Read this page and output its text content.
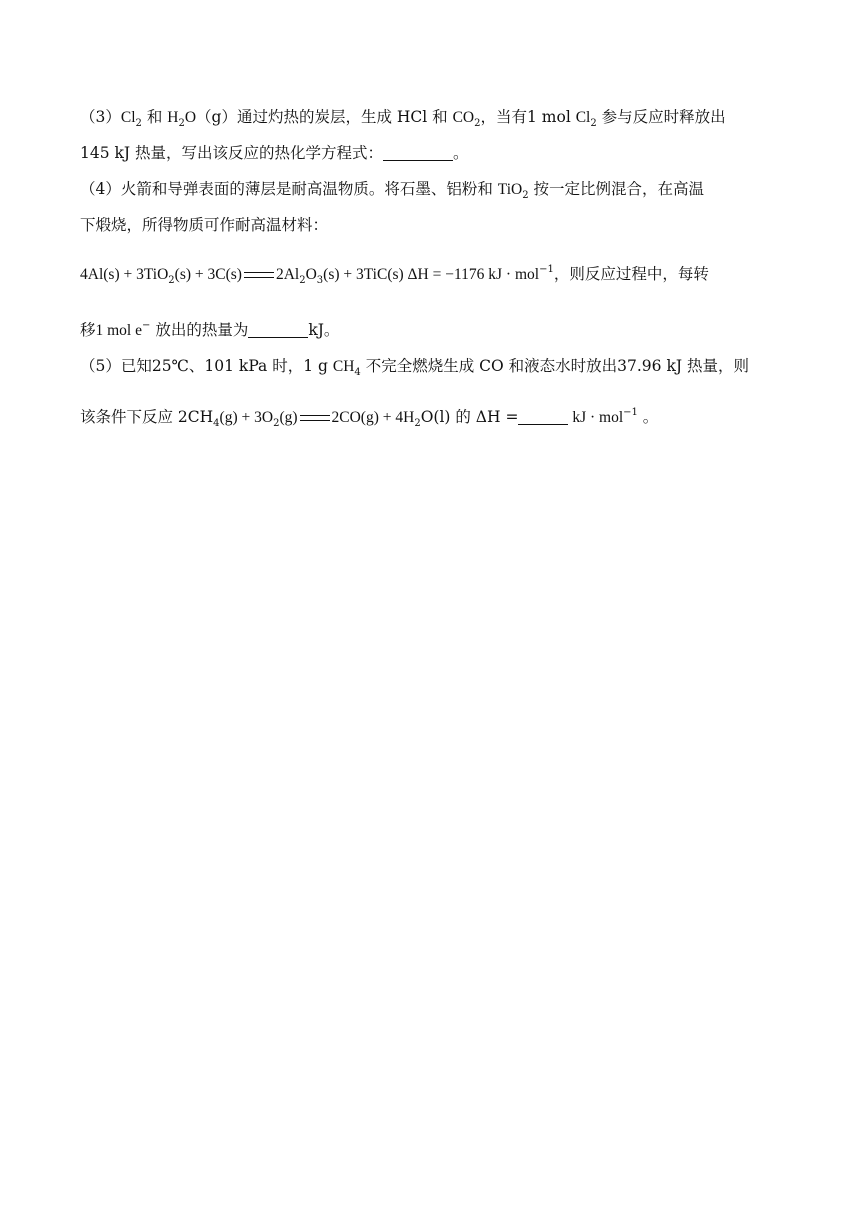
$(3)Cl_2$ 和 $H_2O(g)$通过灼热的炭层，生成 HCl 和 $CO_2$，当有1 mol $Cl_2$ 参与反应时释放出
145 kJ 热量，写出该反应的热化学方程式：	。
（4）火箭和导弹表面的薄层是耐高温物质。将石墨、铝粉和 TiO$_2$ 按一定比例混合，在高温
下煅烧，所得物质可作耐高温材料：
4Al(s) + 3TiO$_2$(s) + 3C(s) $2Al_2O_3(s) + 3TiC(s) \Delta H = -1176$ kJ · mol$^{-1}$，则反应过程中，每转
移1 mol e− 放出的热量为	kJ。
（5）已知25℃、101 kPa 时，1 g $CH_4$ 不完全燃烧生成 CO 和液态水时放出37.96 kJ 热量，则
该条件下反应 $2CH_4(g) + 3O_2(g) 2CO(g) + 4H_2O(l)$ 的 ΔH =	kJ · mol$^{-1}$ 。
